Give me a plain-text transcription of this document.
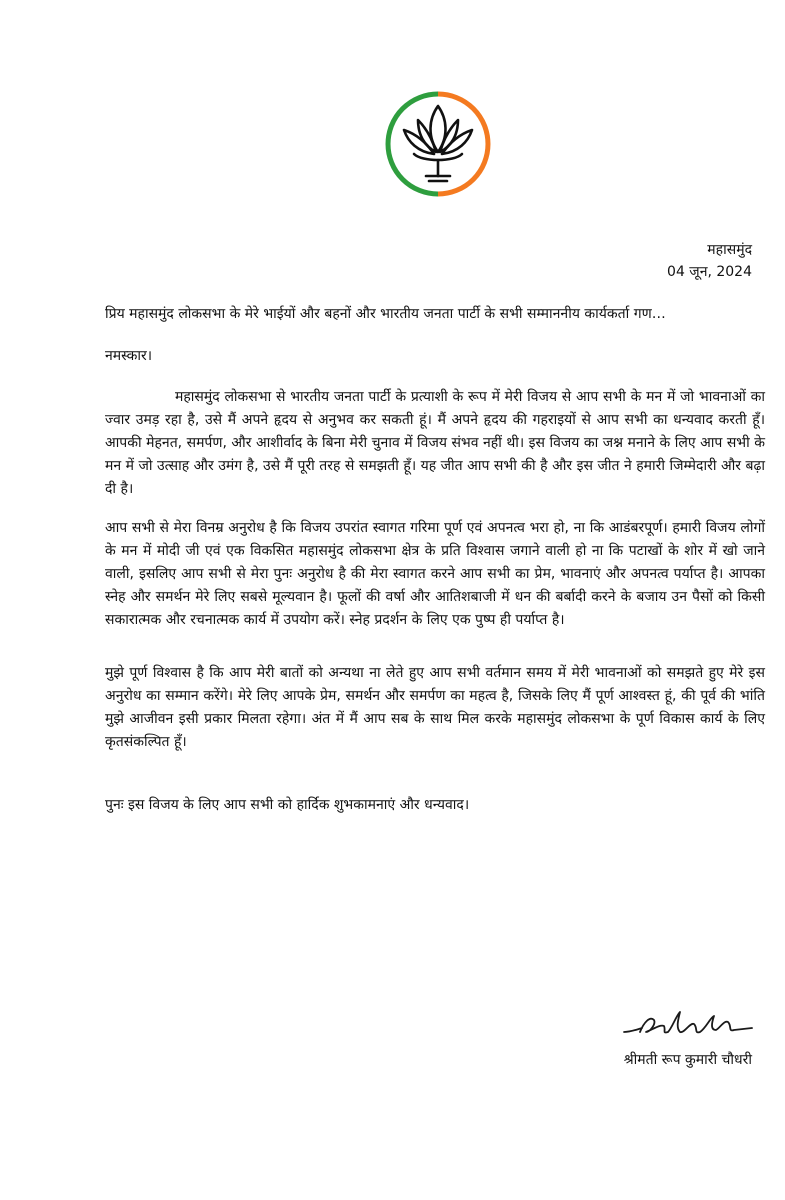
महासमुंद
04 जून, 2024
प्रिय महासमुंद लोकसभा के मेरे भाईयों और बहनों और भारतीय जनता पार्टी के सभी सम्माननीय कार्यकर्ता गण…
नमस्कार।

महासमुंद लोकसभा से भारतीय जनता पार्टी के प्रत्याशी के रूप में मेरी विजय से आप सभी के मन में जो भावनाओं का ज्वार उमड़ रहा है, उसे मैं अपने हृदय से अनुभव कर सकती हूं। मैं अपने हृदय की गहराइयों से आप सभी का धन्यवाद करती हूँ। आपकी मेहनत, समर्पण, और आशीर्वाद के बिना मेरी चुनाव में विजय संभव नहीं थी। इस विजय का जश्न मनाने के लिए आप सभी के मन में जो उत्साह और उमंग है, उसे मैं पूरी तरह से समझती हूँ। यह जीत आप सभी की है और इस जीत ने हमारी जिम्मेदारी और बढ़ा दी है।

आप सभी से मेरा विनम्र अनुरोध है कि विजय उपरांत स्वागत गरिमा पूर्ण एवं अपनत्व भरा हो, ना कि आडंबरपूर्ण। हमारी विजय लोगों के मन में मोदी जी एवं एक विकसित महासमुंद लोकसभा क्षेत्र के प्रति विश्वास जगाने वाली हो ना कि पटाखों के शोर में खो जाने वाली, इसलिए आप सभी से मेरा पुनः अनुरोध है की मेरा स्वागत करने आप सभी का प्रेम, भावनाएं और अपनत्व पर्याप्त है। आपका स्नेह और समर्थन मेरे लिए सबसे मूल्यवान है। फूलों की वर्षा और आतिशबाजी में धन की बर्बादी करने के बजाय उन पैसों को किसी सकारात्मक और रचनात्मक कार्य में उपयोग करें। स्नेह प्रदर्शन के लिए एक पुष्प ही पर्याप्त है।

मुझे पूर्ण विश्वास है कि आप मेरी बातों को अन्यथा ना लेते हुए आप सभी वर्तमान समय में मेरी भावनाओं को समझते हुए मेरे इस अनुरोध का सम्मान करेंगे। मेरे लिए आपके प्रेम, समर्थन और समर्पण का महत्व है, जिसके लिए मैं पूर्ण आश्वस्त हूं, की पूर्व की भांति मुझे आजीवन इसी प्रकार मिलता रहेगा। अंत में मैं आप सब के साथ मिल करके महासमुंद लोकसभा के पूर्ण विकास कार्य के लिए कृतसंकल्पित हूँ।

पुनः इस विजय के लिए आप सभी को हार्दिक शुभकामनाएं और धन्यवाद।
श्रीमती रूप कुमारी चौधरी
